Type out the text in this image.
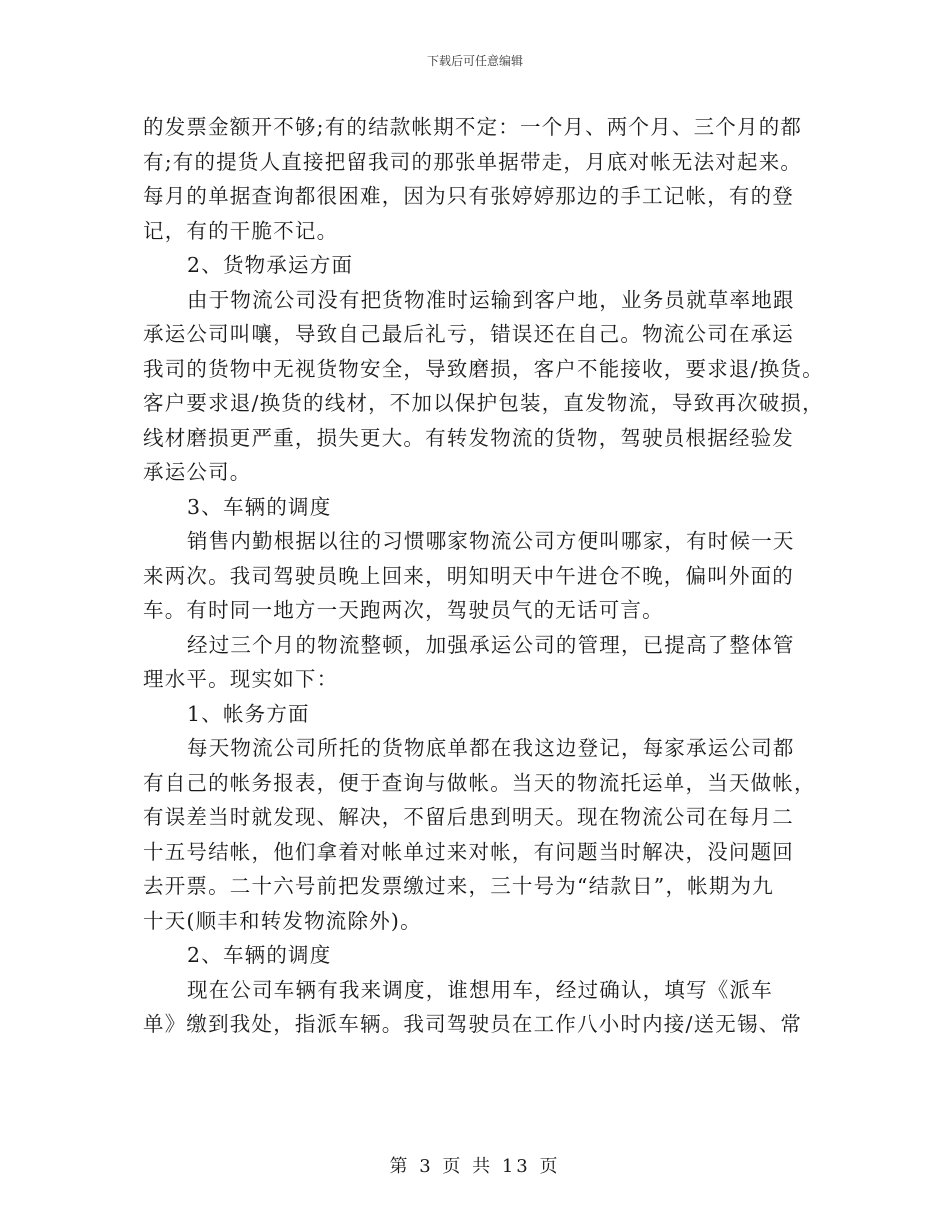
下载后可任意编辑
的发票金额开不够;有的结款帐期不定：一个月、两个月、三个月的都
有;有的提货人直接把留我司的那张单据带走，月底对帐无法对起来。
每月的单据查询都很困难，因为只有张婷婷那边的手工记帐，有的登
记，有的干脆不记。
2、货物承运方面
由于物流公司没有把货物准时运输到客户地，业务员就草率地跟
承运公司叫嚷，导致自己最后礼亏，错误还在自己。物流公司在承运
我司的货物中无视货物安全，导致磨损，客户不能接收，要求退/换货。
客户要求退/换货的线材，不加以保护包装，直发物流，导致再次破损，
线材磨损更严重，损失更大。有转发物流的货物，驾驶员根据经验发
承运公司。
3、车辆的调度
销售内勤根据以往的习惯哪家物流公司方便叫哪家，有时候一天
来两次。我司驾驶员晚上回来，明知明天中午进仓不晚，偏叫外面的
车。有时同一地方一天跑两次，驾驶员气的无话可言。
经过三个月的物流整顿，加强承运公司的管理，已提高了整体管
理水平。现实如下：
1、帐务方面
每天物流公司所托的货物底单都在我这边登记，每家承运公司都
有自己的帐务报表，便于查询与做帐。当天的物流托运单，当天做帐，
有误差当时就发现、解决，不留后患到明天。现在物流公司在每月二
十五号结帐，他们拿着对帐单过来对帐，有问题当时解决，没问题回
去开票。二十六号前把发票缴过来，三十号为“结款日”，帐期为九
十天(顺丰和转发物流除外)。
2、车辆的调度
现在公司车辆有我来调度，谁想用车，经过确认，填写《派车
单》缴到我处，指派车辆。我司驾驶员在工作八小时内接/送无锡、常
第 3 页 共 13 页
